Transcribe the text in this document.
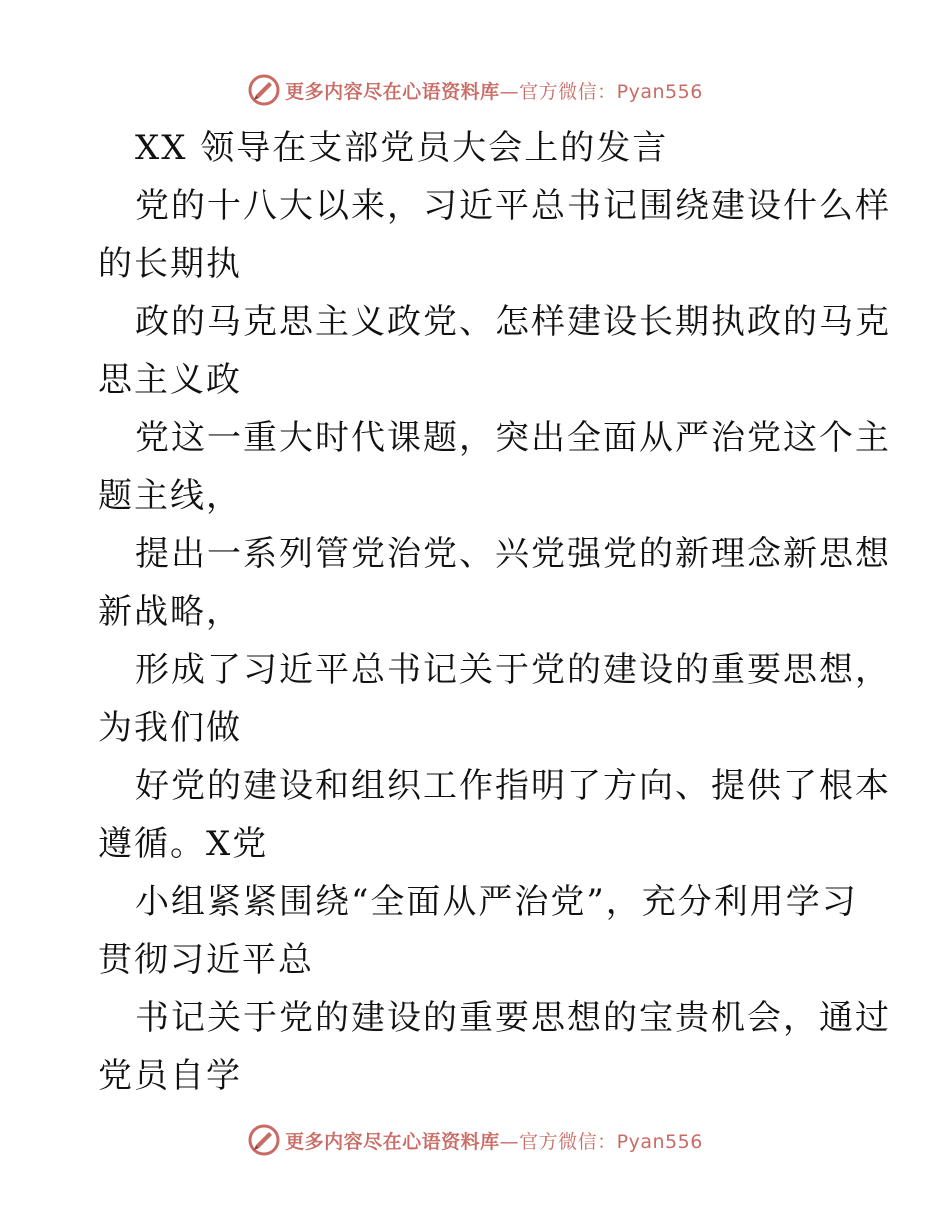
更多内容尽在心语资料库—官方微信：Pyan556
XX 领导在支部党员大会上的发言
党的十八大以来，习近平总书记围绕建设什么样
的长期执
政的马克思主义政党、怎样建设长期执政的马克
思主义政
党这一重大时代课题，突出全面从严治党这个主
题主线，
提出一系列管党治党、兴党强党的新理念新思想
新战略，
形成了习近平总书记关于党的建设的重要思想，
为我们做
好党的建设和组织工作指明了方向、提供了根本
遵循。X党
小组紧紧围绕“全面从严治党”，充分利用学习
贯彻习近平总
书记关于党的建设的重要思想的宝贵机会，通过
党员自学
更多内容尽在心语资料库—官方微信：Pyan556
